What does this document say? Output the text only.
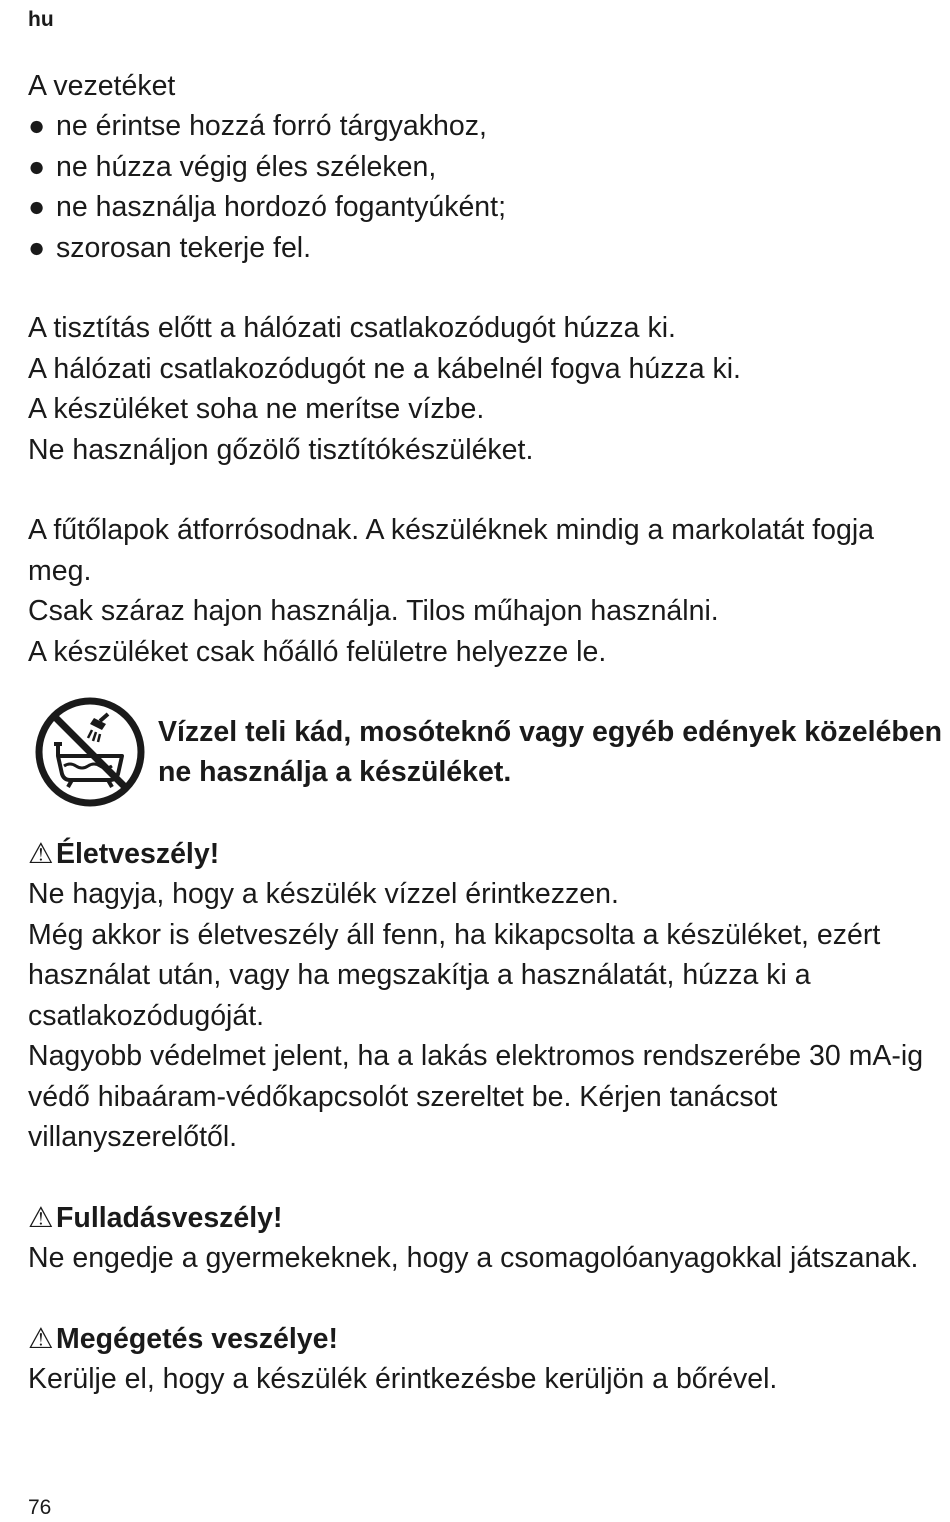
hu

A vezetéket

● ne érintse hozzá forró tárgyakhoz,
● ne húzza végig éles széleken,
● ne használja hordozó fogantyúként;
● szorosan tekerje fel.

A tisztítás előtt a hálózati csatlakozódugót húzza ki.

A hálózati csatlakozódugót ne a kábelnél fogva húzza ki.

A készüléket soha ne merítse vízbe.

Ne használjon gőzölő tisztítókészüléket.

A fűtőlapok átforrósodnak. A készüléknek mindig a markolatát fogja meg.

Csak száraz hajon használja. Tilos műhajon használni.

A készüléket csak hőálló felületre helyezze le.

Vízzel teli kád, mosóteknő vagy egyéb edények közelében ne használja a készüléket.
⚠ Életveszély!

Ne hagyja, hogy a készülék vízzel érintkezzen.

Még akkor is életveszély áll fenn, ha kikapcsolta a készüléket, ezért használat után, vagy ha megszakítja a használatát, húzza ki a csatlakozódugóját.

Nagyobb védelmet jelent, ha a lakás elektromos rendszerébe 30 mA-ig védő hibaáram-védőkapcsolót szereltet be. Kérjen tanácsot villanyszerelőtől.

⚠ Fulladásveszély!

Ne engedje a gyermekeknek, hogy a csomagolóanyagokkal játszanak.

⚠ Megégetés veszélye!

Kerülje el, hogy a készülék érintkezésbe kerüljön a bőrével.

76
